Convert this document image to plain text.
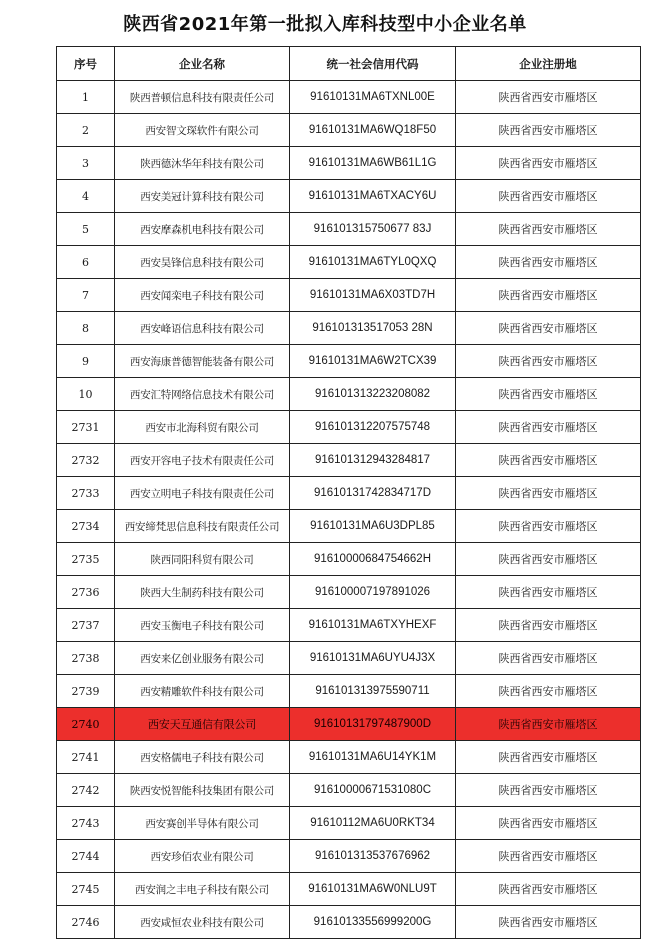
陕西省2021年第一批拟入库科技型中小企业名单
序号	企业名称	统一社会信用代码	企业注册地
1	陕西普顿信息科技有限责任公司	91610131MA6TXNL00E	陕西省西安市雁塔区
2	西安智文琛软件有限公司	91610131MA6WQ18F50	陕西省西安市雁塔区
3	陕西德沐华年科技有限公司	91610131MA6WB61L1G	陕西省西安市雁塔区
4	西安美冠计算科技有限公司	91610131MA6TXACY6U	陕西省西安市雁塔区
5	西安摩森机电科技有限公司	916101315750677 83J	陕西省西安市雁塔区
6	西安昊锋信息科技有限公司	91610131MA6TYL0QXQ	陕西省西安市雁塔区
7	西安闻栾电子科技有限公司	91610131MA6X03TD7H	陕西省西安市雁塔区
8	西安峰语信息科技有限公司	916101313517053 28N	陕西省西安市雁塔区
9	西安海康普德智能装备有限公司	91610131MA6W2TCX39	陕西省西安市雁塔区
10	西安汇特网络信息技术有限公司	916101313223208082	陕西省西安市雁塔区
2731	西安市北海科贸有限公司	916101312207575748	陕西省西安市雁塔区
2732	西安开容电子技术有限责任公司	916101312943284817	陕西省西安市雁塔区
2733	西安立明电子科技有限责任公司	91610131742834717D	陕西省西安市雁塔区
2734	西安缔梵思信息科技有限责任公司	91610131MA6U3DPL85	陕西省西安市雁塔区
2735	陕西同阳科贸有限公司	91610000684754662H	陕西省西安市雁塔区
2736	陕西大生制药科技有限公司	916100007197891026	陕西省西安市雁塔区
2737	西安玉衡电子科技有限公司	91610131MA6TXYHEXF	陕西省西安市雁塔区
2738	西安来亿创业服务有限公司	91610131MA6UYU4J3X	陕西省西安市雁塔区
2739	西安精雕软件科技有限公司	916101313975590711	陕西省西安市雁塔区
2740	西安天互通信有限公司	91610131797487900D	陕西省西安市雁塔区
2741	西安格儒电子科技有限公司	91610131MA6U14YK1M	陕西省西安市雁塔区
2742	陕西安悦智能科技集团有限公司	91610000671531080C	陕西省西安市雁塔区
2743	西安赛创半导体有限公司	91610112MA6U0RKT34	陕西省西安市雁塔区
2744	西安珍佰农业有限公司	916101313537676962	陕西省西安市雁塔区
2745	西安润之丰电子科技有限公司	91610131MA6W0NLU9T	陕西省西安市雁塔区
2746	西安咸恒农业科技有限公司	91610133556999200G	陕西省西安市雁塔区
